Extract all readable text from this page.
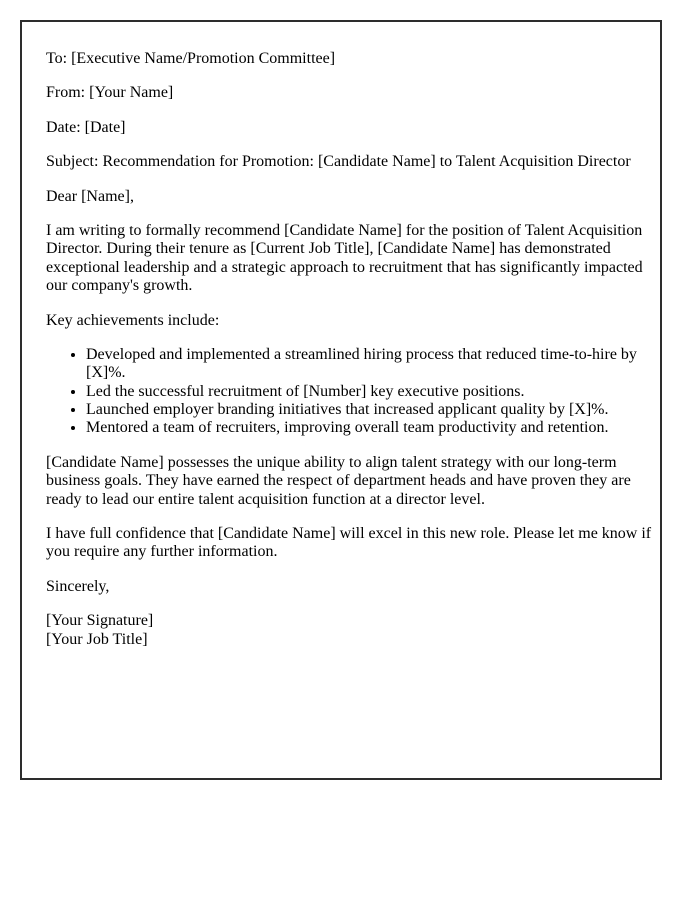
To: [Executive Name/Promotion Committee]

From: [Your Name]

Date: [Date]

Subject: Recommendation for Promotion: [Candidate Name] to Talent Acquisition Director

Dear [Name],

I am writing to formally recommend [Candidate Name] for the position of Talent Acquisition Director. During their tenure as [Current Job Title], [Candidate Name] has demonstrated exceptional leadership and a strategic approach to recruitment that has significantly impacted our company's growth.

Key achievements include:

• Developed and implemented a streamlined hiring process that reduced time-to-hire by [X]%.
• Led the successful recruitment of [Number] key executive positions.
• Launched employer branding initiatives that increased applicant quality by [X]%.
• Mentored a team of recruiters, improving overall team productivity and retention.

[Candidate Name] possesses the unique ability to align talent strategy with our long-term business goals. They have earned the respect of department heads and have proven they are ready to lead our entire talent acquisition function at a director level.

I have full confidence that [Candidate Name] will excel in this new role. Please let me know if you require any further information.

Sincerely,

[Your Signature]
[Your Job Title]
